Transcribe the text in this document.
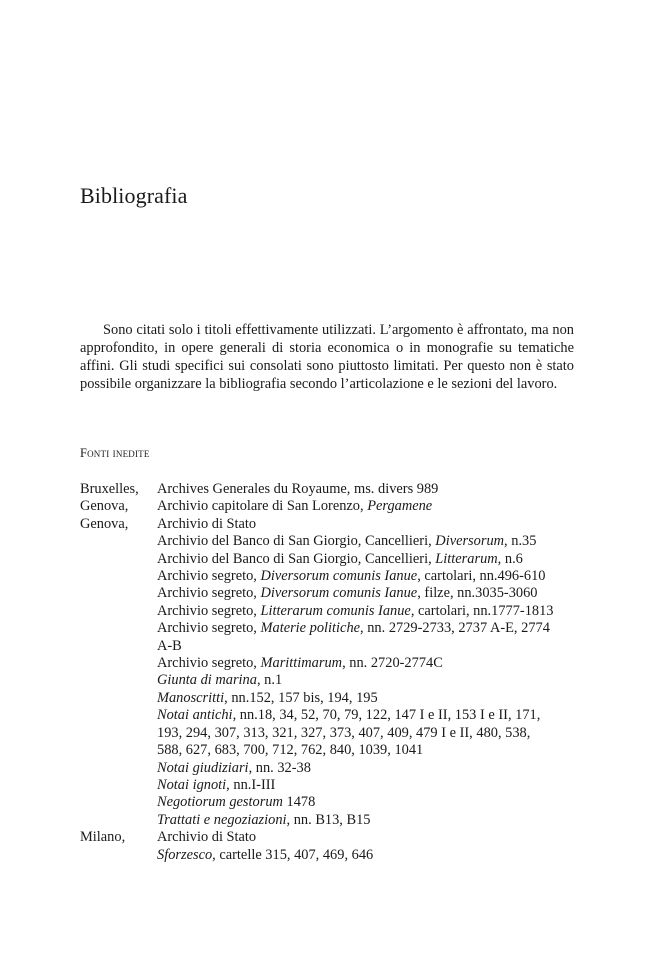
Bibliografia

Sono citati solo i titoli effettivamente utilizzati. L’argomento è affrontato, ma non approfondito, in opere generali di storia economica o in monografie su tematiche affini. Gli studi specifici sui consolati sono piuttosto limitati. Per questo non è stato possibile organizzare la bibliografia secondo l’articolazione e le sezioni del lavoro.

Fonti inedite
Bruxelles,	Archives Generales du Royaume, ms. divers 989
Genova,	Archivio capitolare di San Lorenzo, Pergamene
Genova,	Archivio di Stato
Archivio del Banco di San Giorgio, Cancellieri, Diversorum, n.35
Archivio del Banco di San Giorgio, Cancellieri, Litterarum, n.6
Archivio segreto, Diversorum comunis Ianue, cartolari, nn.496-610
Archivio segreto, Diversorum comunis Ianue, filze, nn.3035-3060
Archivio segreto, Litterarum comunis Ianue, cartolari, nn.1777-1813
Archivio segreto, Materie politiche, nn. 2729-2733, 2737 A-E, 2774
A-B
Archivio segreto, Marittimarum, nn. 2720-2774C
Giunta di marina, n.1
Manoscritti, nn.152, 157 bis, 194, 195
Notai antichi, nn.18, 34, 52, 70, 79, 122, 147 I e II, 153 I e II, 171,
193, 294, 307, 313, 321, 327, 373, 407, 409, 479 I e II, 480, 538,
588, 627, 683, 700, 712, 762, 840, 1039, 1041
Notai giudiziari, nn. 32-38
Notai ignoti, nn.I-III
Negotiorum gestorum 1478
Trattati e negoziazioni, nn. B13, B15
Milano,	Archivio di Stato
Sforzesco, cartelle 315, 407, 469, 646
